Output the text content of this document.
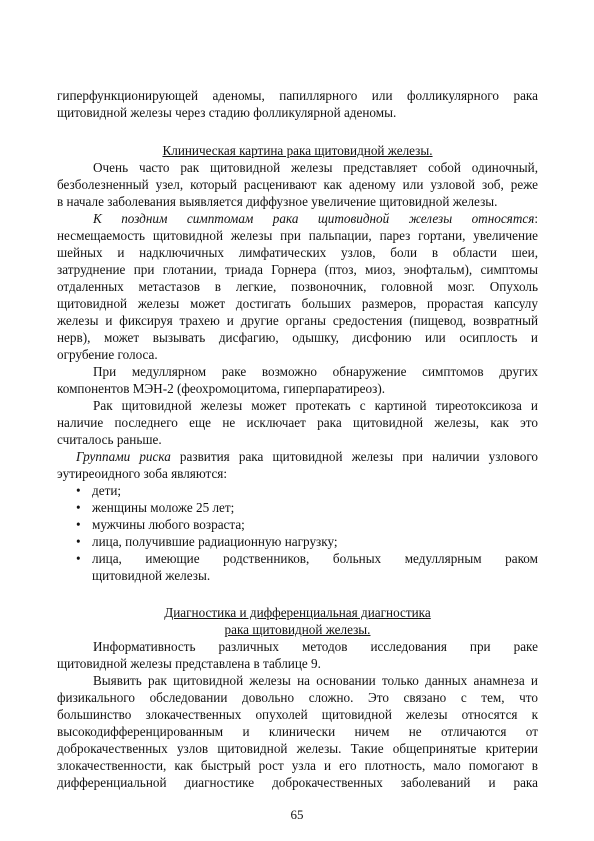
гиперфункционирующей аденомы, папиллярного или фолликулярного рака
щитовидной железы через стадию фолликулярной аденомы.
Клиническая картина рака щитовидной железы.
Очень часто рак щитовидной железы представляет собой одиночный,
безболезненный узел, который расценивают как аденому или узловой зоб, реже
в начале заболевания выявляется диффузное увеличение щитовидной железы.
К поздним симптомам рака щитовидной железы относятся:
несмещаемость щитовидной железы при пальпации, парез гортани, увеличение
шейных и надключичных лимфатических узлов, боли в области шеи,
затруднение при глотании, триада Горнера (птоз, миоз, энофтальм), симптомы
отдаленных метастазов в легкие, позвоночник, головной мозг. Опухоль
щитовидной железы может достигать больших размеров, прорастая капсулу
железы и фиксируя трахею и другие органы средостения (пищевод, возвратный
нерв), может вызывать дисфагию, одышку, дисфонию или осиплость и
огрубение голоса.
При медуллярном раке возможно обнаружение симптомов других
компонентов МЭН-2 (феохромоцитома, гиперпаратиреоз).
Рак щитовидной железы может протекать с картиной тиреотоксикоза и
наличие последнего еще не исключает рака щитовидной железы, как это
считалось раньше.
Группами риска развития рака щитовидной железы при наличии узлового
эутиреоидного зоба являются:
• дети;
• женщины моложе 25 лет;
• мужчины любого возраста;
• лица, получившие радиационную нагрузку;
• лица, имеющие родственников, больных медуллярным раком
щитовидной железы.
Диагностика и дифференциальная диагностика
рака щитовидной железы.
Информативность различных методов исследования при раке
щитовидной железы представлена в таблице 9.
Выявить рак щитовидной железы на основании только данных анамнеза и
физикального обследовании довольно сложно. Это связано с тем, что
большинство злокачественных опухолей щитовидной железы относятся к
высокодифференцированным и клинически ничем не отличаются от
доброкачественных узлов щитовидной железы. Такие общепринятые критерии
злокачественности, как быстрый рост узла и его плотность, мало помогают в
дифференциальной диагностике доброкачественных заболеваний и рака
65
